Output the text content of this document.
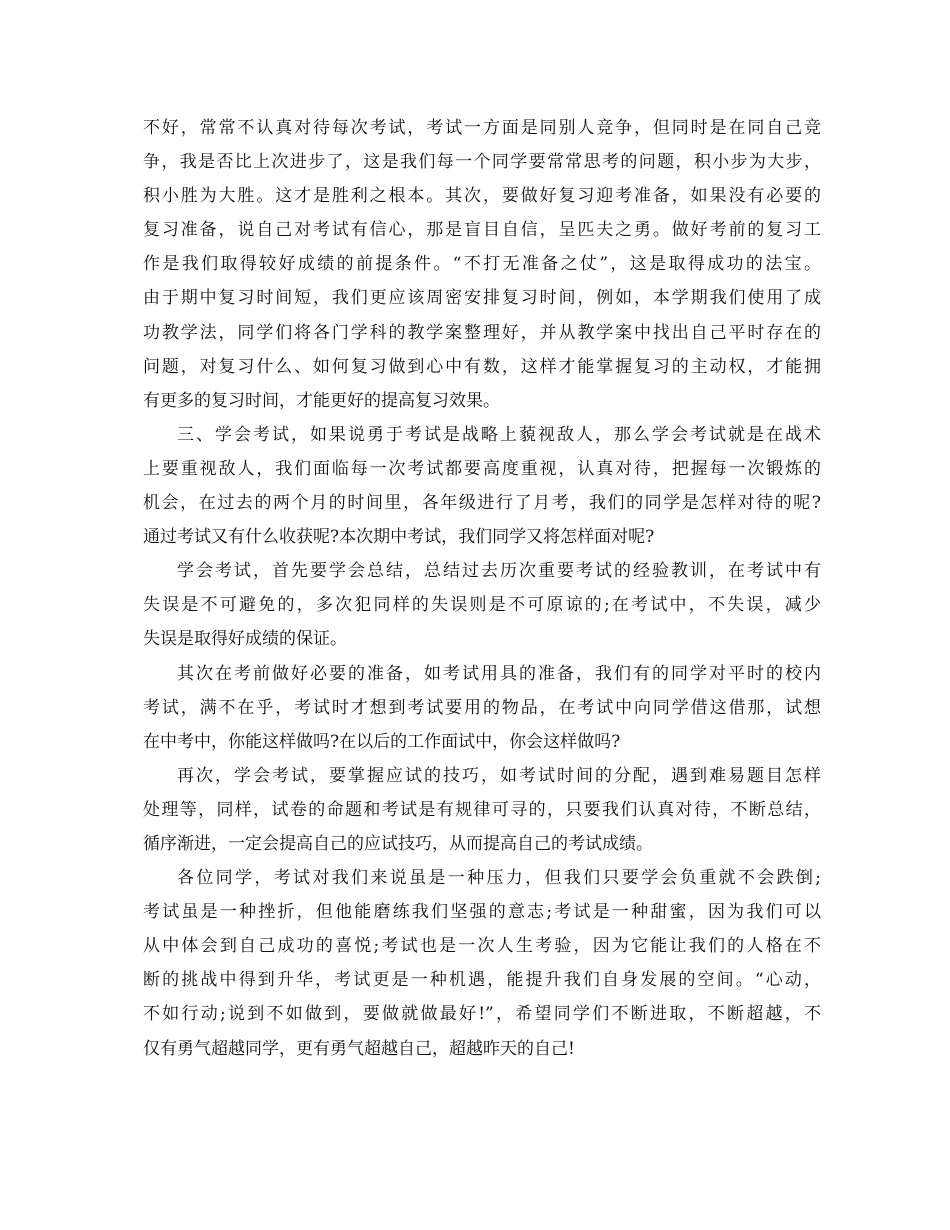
不好，常常不认真对待每次考试，考试一方面是同别人竞争，但同时是在同自己竞
争，我是否比上次进步了，这是我们每一个同学要常常思考的问题，积小步为大步，
积小胜为大胜。这才是胜利之根本。其次，要做好复习迎考准备，如果没有必要的
复习准备，说自己对考试有信心，那是盲目自信，呈匹夫之勇。做好考前的复习工
作是我们取得较好成绩的前提条件。“不打无准备之仗”，这是取得成功的法宝。
由于期中复习时间短，我们更应该周密安排复习时间，例如，本学期我们使用了成
功教学法，同学们将各门学科的教学案整理好，并从教学案中找出自己平时存在的
问题，对复习什么、如何复习做到心中有数，这样才能掌握复习的主动权，才能拥
有更多的复习时间，才能更好的提高复习效果。
三、学会考试，如果说勇于考试是战略上藐视敌人，那么学会考试就是在战术
上要重视敌人，我们面临每一次考试都要高度重视，认真对待，把握每一次锻炼的
机会，在过去的两个月的时间里，各年级进行了月考，我们的同学是怎样对待的呢?
通过考试又有什么收获呢?本次期中考试，我们同学又将怎样面对呢?
学会考试，首先要学会总结，总结过去历次重要考试的经验教训，在考试中有
失误是不可避免的，多次犯同样的失误则是不可原谅的;在考试中，不失误，减少
失误是取得好成绩的保证。
其次在考前做好必要的准备，如考试用具的准备，我们有的同学对平时的校内
考试，满不在乎，考试时才想到考试要用的物品，在考试中向同学借这借那，试想
在中考中，你能这样做吗?在以后的工作面试中，你会这样做吗?
再次，学会考试，要掌握应试的技巧，如考试时间的分配，遇到难易题目怎样
处理等，同样，试卷的命题和考试是有规律可寻的，只要我们认真对待，不断总结，
循序渐进，一定会提高自己的应试技巧，从而提高自己的考试成绩。
各位同学，考试对我们来说虽是一种压力，但我们只要学会负重就不会跌倒;
考试虽是一种挫折，但他能磨练我们坚强的意志;考试是一种甜蜜，因为我们可以
从中体会到自己成功的喜悦;考试也是一次人生考验，因为它能让我们的人格在不
断的挑战中得到升华，考试更是一种机遇，能提升我们自身发展的空间。“心动，
不如行动;说到不如做到，要做就做最好!”，希望同学们不断进取，不断超越，不
仅有勇气超越同学，更有勇气超越自己，超越昨天的自己!
